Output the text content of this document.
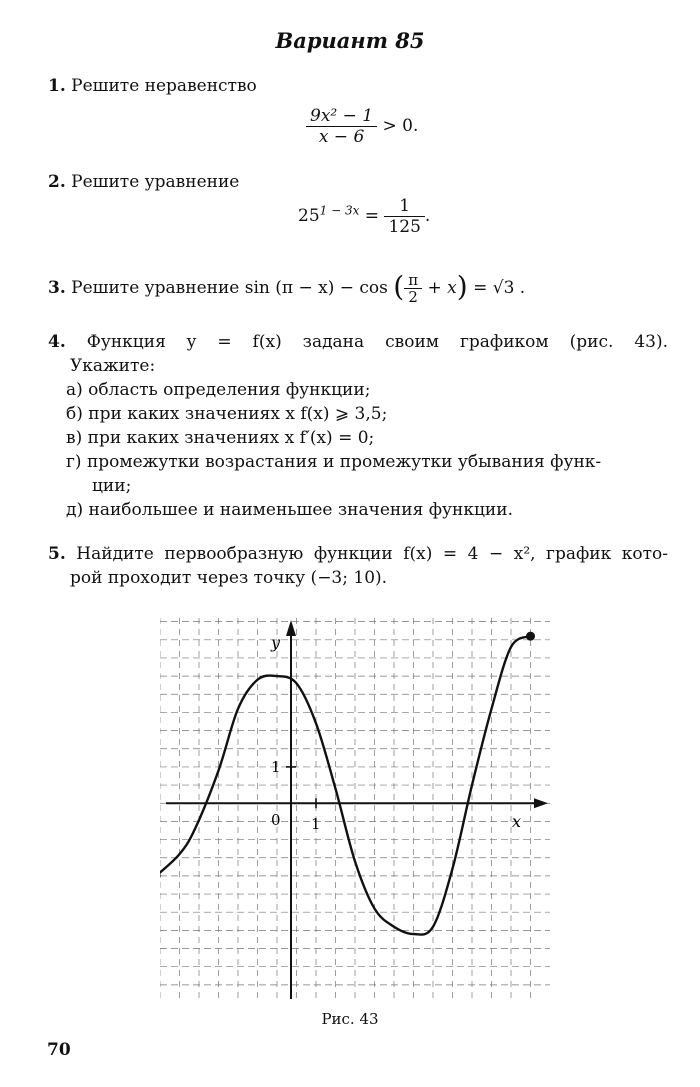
Вариант 85
1. Решите неравенство
$\frac{\text{9x² − 1}}{x - 6} > 0$.
2. Решите уравнение
$25^{1 - 3x} = \frac{1}{125}$ .
3. Решите уравнение sin (π − x) − cos ( $\frac{\pi}{2} + x) = √3$ .
4. Функция y = f(x) задана своим графиком (рис. 43).
Укажите:
а) область определения функции;
б) при каких значениях x f(x) ⩾ 3,5;
в) при каких значениях x f′(x) = 0;
г) промежутки возрастания и промежутки убывания функ-
ции;
д) наибольшее и наименьшее значения функции.
5. Найдите первообразную функции f(x) = 4 − x², график кото-
рой проходит через точку (−3; 10).
x
y
0 1
1
Рис. 43
70
